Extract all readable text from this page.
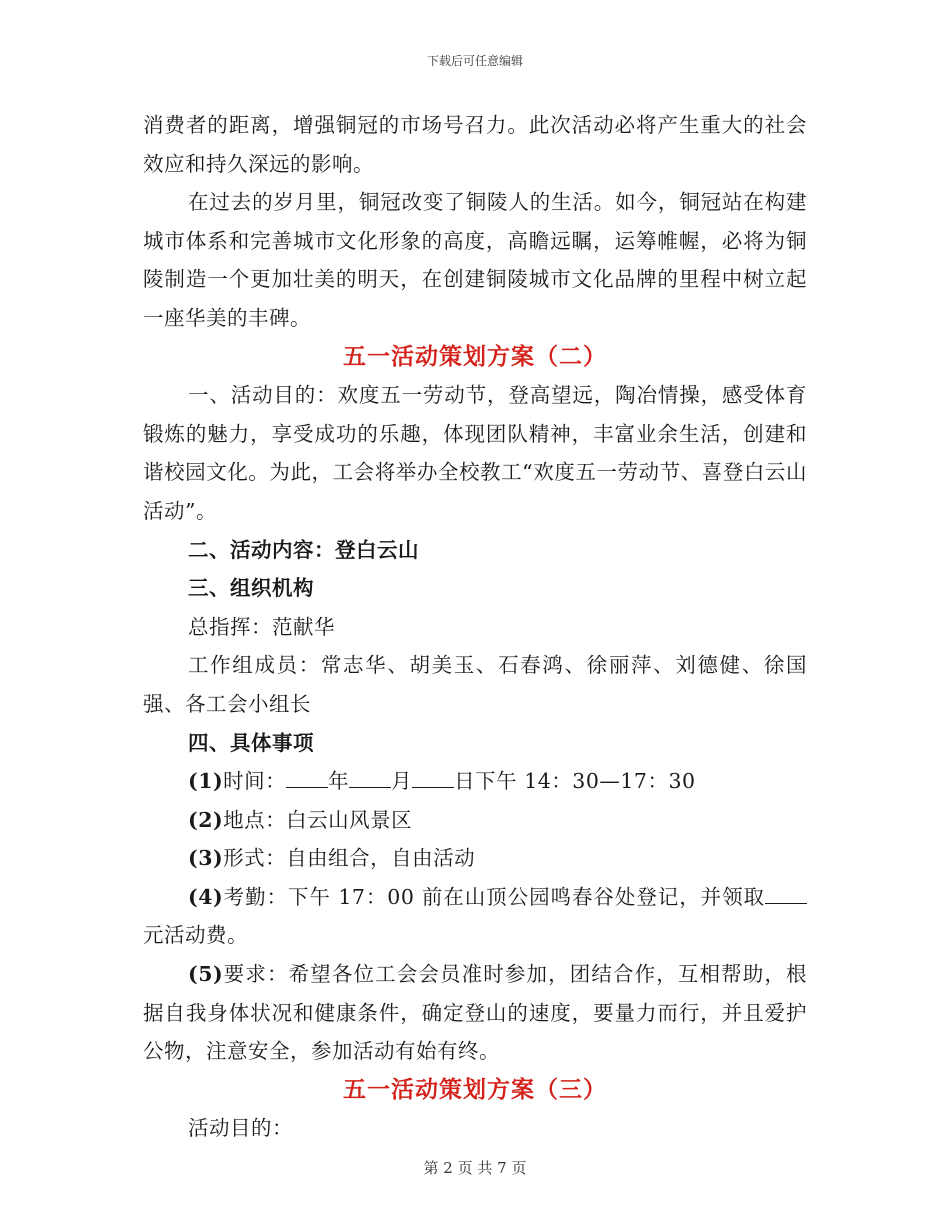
下载后可任意编辑

消费者的距离，增强铜冠的市场号召力。此次活动必将产生重大的社会效应和持久深远的影响。

在过去的岁月里，铜冠改变了铜陵人的生活。如今，铜冠站在构建城市体系和完善城市文化形象的高度，高瞻远瞩，运筹帷幄，必将为铜陵制造一个更加壮美的明天，在创建铜陵城市文化品牌的里程中树立起一座华美的丰碑。

五一活动策划方案（二）

一、活动目的：欢度五一劳动节，登高望远，陶冶情操，感受体育锻炼的魅力，享受成功的乐趣，体现团队精神，丰富业余生活，创建和谐校园文化。为此，工会将举办全校教工“欢度五一劳动节、喜登白云山活动”。

二、活动内容：登白云山

三、组织机构

总指挥：范献华

工作组成员：常志华、胡美玉、石春鸿、徐丽萍、刘德健、徐国强、各工会小组长

四、具体事项

(1)时间： 年 月 日下午 14：30—17：30

(2)地点：白云山风景区

(3)形式：自由组合，自由活动

(4)考勤：下午 17：00 前在山顶公园鸣春谷处登记，并领取元活动费。

(5)要求：希望各位工会会员准时参加，团结合作，互相帮助，根据自我身体状况和健康条件，确定登山的速度，要量力而行，并且爱护公物，注意安全，参加活动有始有终。

五一活动策划方案（三）

活动目的：

第 2 页 共 7 页
